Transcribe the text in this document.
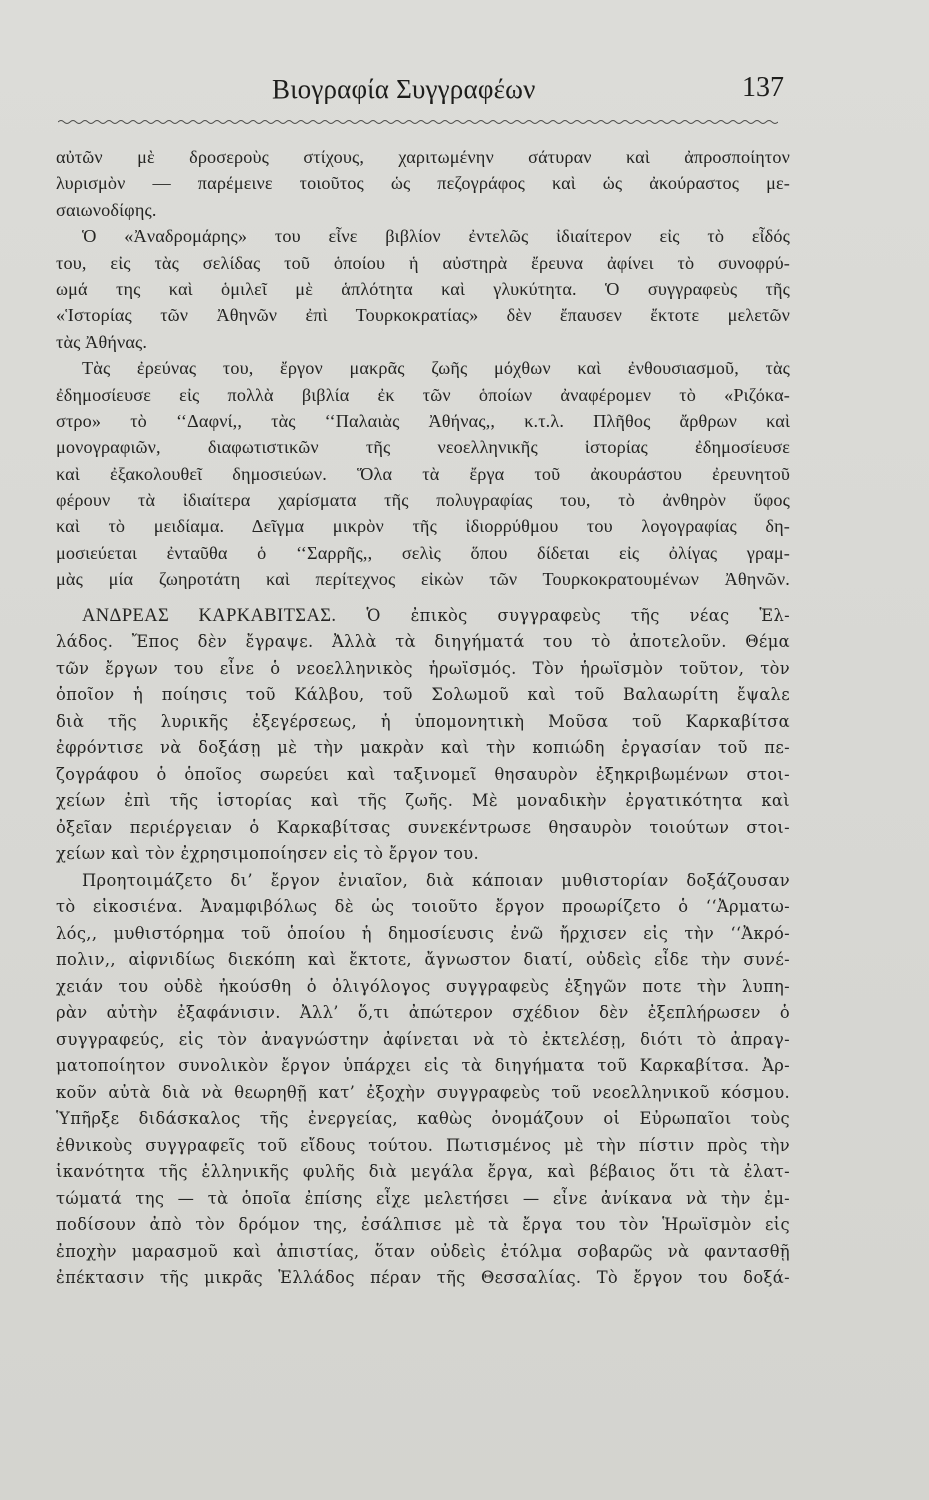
Βιογραφία Συγγραφέων	137
αὐτῶν μὲ δροσεροὺς στίχους, χαριτωμένην σάτυραν καὶ ἀπροσποίητον
λυρισμὸν — παρέμεινε τοιοῦτος ὡς πεζογράφος καὶ ὡς ἀκούραστος με-
σαιωνοδίφης.
Ὁ «Ἀναδρομάρης» του εἶνε βιβλίον ἐντελῶς ἰδιαίτερον εἰς τὸ εἶδός
του, εἰς τὰς σελίδας τοῦ ὁποίου ἡ αὐστηρὰ ἔρευνα ἀφίνει τὸ συνοφρύ-
ωμά της καὶ ὁμιλεῖ μὲ ἁπλότητα καὶ γλυκύτητα. Ὁ συγγραφεὺς τῆς
«Ἱστορίας τῶν Ἀθηνῶν ἐπὶ Τουρκοκρατίας» δὲν ἔπαυσεν ἔκτοτε μελετῶν
τὰς Ἀθήνας.
Τὰς ἐρεύνας του, ἔργον μακρᾶς ζωῆς μόχθων καὶ ἐνθουσιασμοῦ, τὰς
ἐδημοσίευσε εἰς πολλὰ βιβλία ἐκ τῶν ὁποίων ἀναφέρομεν τὸ «Ριζόκα-
στρο» τὸ ‘‘Δαφνί,, τὰς ‘‘Παλαιὰς Ἀθήνας,, κ.τ.λ. Πλῆθος ἄρθρων καὶ
μονογραφιῶν, διαφωτιστικῶν τῆς νεοελληνικῆς ἱστορίας ἐδημοσίευσε
καὶ ἐξακολουθεῖ δημοσιεύων. Ὅλα τὰ ἔργα τοῦ ἀκουράστου ἐρευνητοῦ
φέρουν τὰ ἰδιαίτερα χαρίσματα τῆς πολυγραφίας του, τὸ ἀνθηρὸν ὕφος
καὶ τὸ μειδίαμα. Δεῖγμα μικρὸν τῆς ἰδιορρύθμου του λογογραφίας δη-
μοσιεύεται ἐνταῦθα ὁ ‘‘Σαρρῆς,, σελὶς ὅπου δίδεται εἰς ὀλίγας γραμ-
μὰς μία ζωηροτάτη καὶ περίτεχνος εἰκὼν τῶν Τουρκοκρατουμένων Ἀθηνῶν.
ΑΝΔΡΕΑΣ ΚΑΡΚΑΒΙΤΣΑΣ. Ὁ ἐπικὸς συγγραφεὺς τῆς νέας Ἑλ-
λάδος. Ἔπος δὲν ἔγραψε. Ἀλλὰ τὰ διηγήματά του τὸ ἀποτελοῦν. Θέμα
τῶν ἔργων του εἶνε ὁ νεοελληνικὸς ἡρωϊσμός. Τὸν ἡρωϊσμὸν τοῦτον, τὸν
ὁποῖον ἡ ποίησις τοῦ Κάλβου, τοῦ Σολωμοῦ καὶ τοῦ Βαλαωρίτη ἔψαλε
διὰ τῆς λυρικῆς ἐξεγέρσεως, ἡ ὑπομονητικὴ Μοῦσα τοῦ Καρκαβίτσα
ἐφρόντισε νὰ δοξάσῃ μὲ τὴν μακρὰν καὶ τὴν κοπιώδη ἐργασίαν τοῦ πε-
ζογράφου ὁ ὁποῖος σωρεύει καὶ ταξινομεῖ θησαυρὸν ἐξηκριβωμένων στοι-
χείων ἐπὶ τῆς ἱστορίας καὶ τῆς ζωῆς. Μὲ μοναδικὴν ἐργατικότητα καὶ
ὀξεῖαν περιέργειαν ὁ Καρκαβίτσας συνεκέντρωσε θησαυρὸν τοιούτων στοι-
χείων καὶ τὸν ἐχρησιμοποίησεν εἰς τὸ ἔργον του.
Προητοιμάζετο δι’ ἔργον ἐνιαῖον, διὰ κάποιαν μυθιστορίαν δοξάζουσαν
τὸ εἰκοσιένα. Ἀναμφιβόλως δὲ ὡς τοιοῦτο ἔργον προωρίζετο ὁ ‘‘Ἀρματω-
λός,, μυθιστόρημα τοῦ ὁποίου ἡ δημοσίευσις ἐνῶ ἤρχισεν εἰς τὴν ‘‘Ἀκρό-
πολιν,, αἰφνιδίως διεκόπη καὶ ἔκτοτε, ἄγνωστον διατί, οὐδεὶς εἶδε τὴν συνέ-
χειάν του οὐδὲ ἠκούσθη ὁ ὀλιγόλογος συγγραφεὺς ἐξηγῶν ποτε τὴν λυπη-
ρὰν αὐτὴν ἐξαφάνισιν. Ἀλλ’ ὅ,τι ἀπώτερον σχέδιον δὲν ἐξεπλήρωσεν ὁ
συγγραφεύς, εἰς τὸν ἀναγνώστην ἀφίνεται νὰ τὸ ἐκτελέσῃ, διότι τὸ ἀπραγ-
ματοποίητον συνολικὸν ἔργον ὑπάρχει εἰς τὰ διηγήματα τοῦ Καρκαβίτσα. Ἀρ-
κοῦν αὐτὰ διὰ νὰ θεωρηθῇ κατ’ ἐξοχὴν συγγραφεὺς τοῦ νεοελληνικοῦ κόσμου.
Ὑπῆρξε διδάσκαλος τῆς ἐνεργείας, καθὼς ὀνομάζουν οἱ Εὐρωπαῖοι τοὺς
ἐθνικοὺς συγγραφεῖς τοῦ εἴδους τούτου. Πωτισμένος μὲ τὴν πίστιν πρὸς τὴν
ἱκανότητα τῆς ἑλληνικῆς φυλῆς διὰ μεγάλα ἔργα, καὶ βέβαιος ὅτι τὰ ἐλατ-
τώματά της — τὰ ὁποῖα ἐπίσης εἶχε μελετήσει — εἶνε ἀνίκανα νὰ τὴν ἐμ-
ποδίσουν ἀπὸ τὸν δρόμον της, ἐσάλπισε μὲ τὰ ἔργα του τὸν Ἡρωϊσμὸν εἰς
ἐποχὴν μαρασμοῦ καὶ ἀπιστίας, ὅταν οὐδεὶς ἐτόλμα σοβαρῶς νὰ φαντασθῇ
ἐπέκτασιν τῆς μικρᾶς Ἑλλάδος πέραν τῆς Θεσσαλίας. Τὸ ἔργον του δοξά-
